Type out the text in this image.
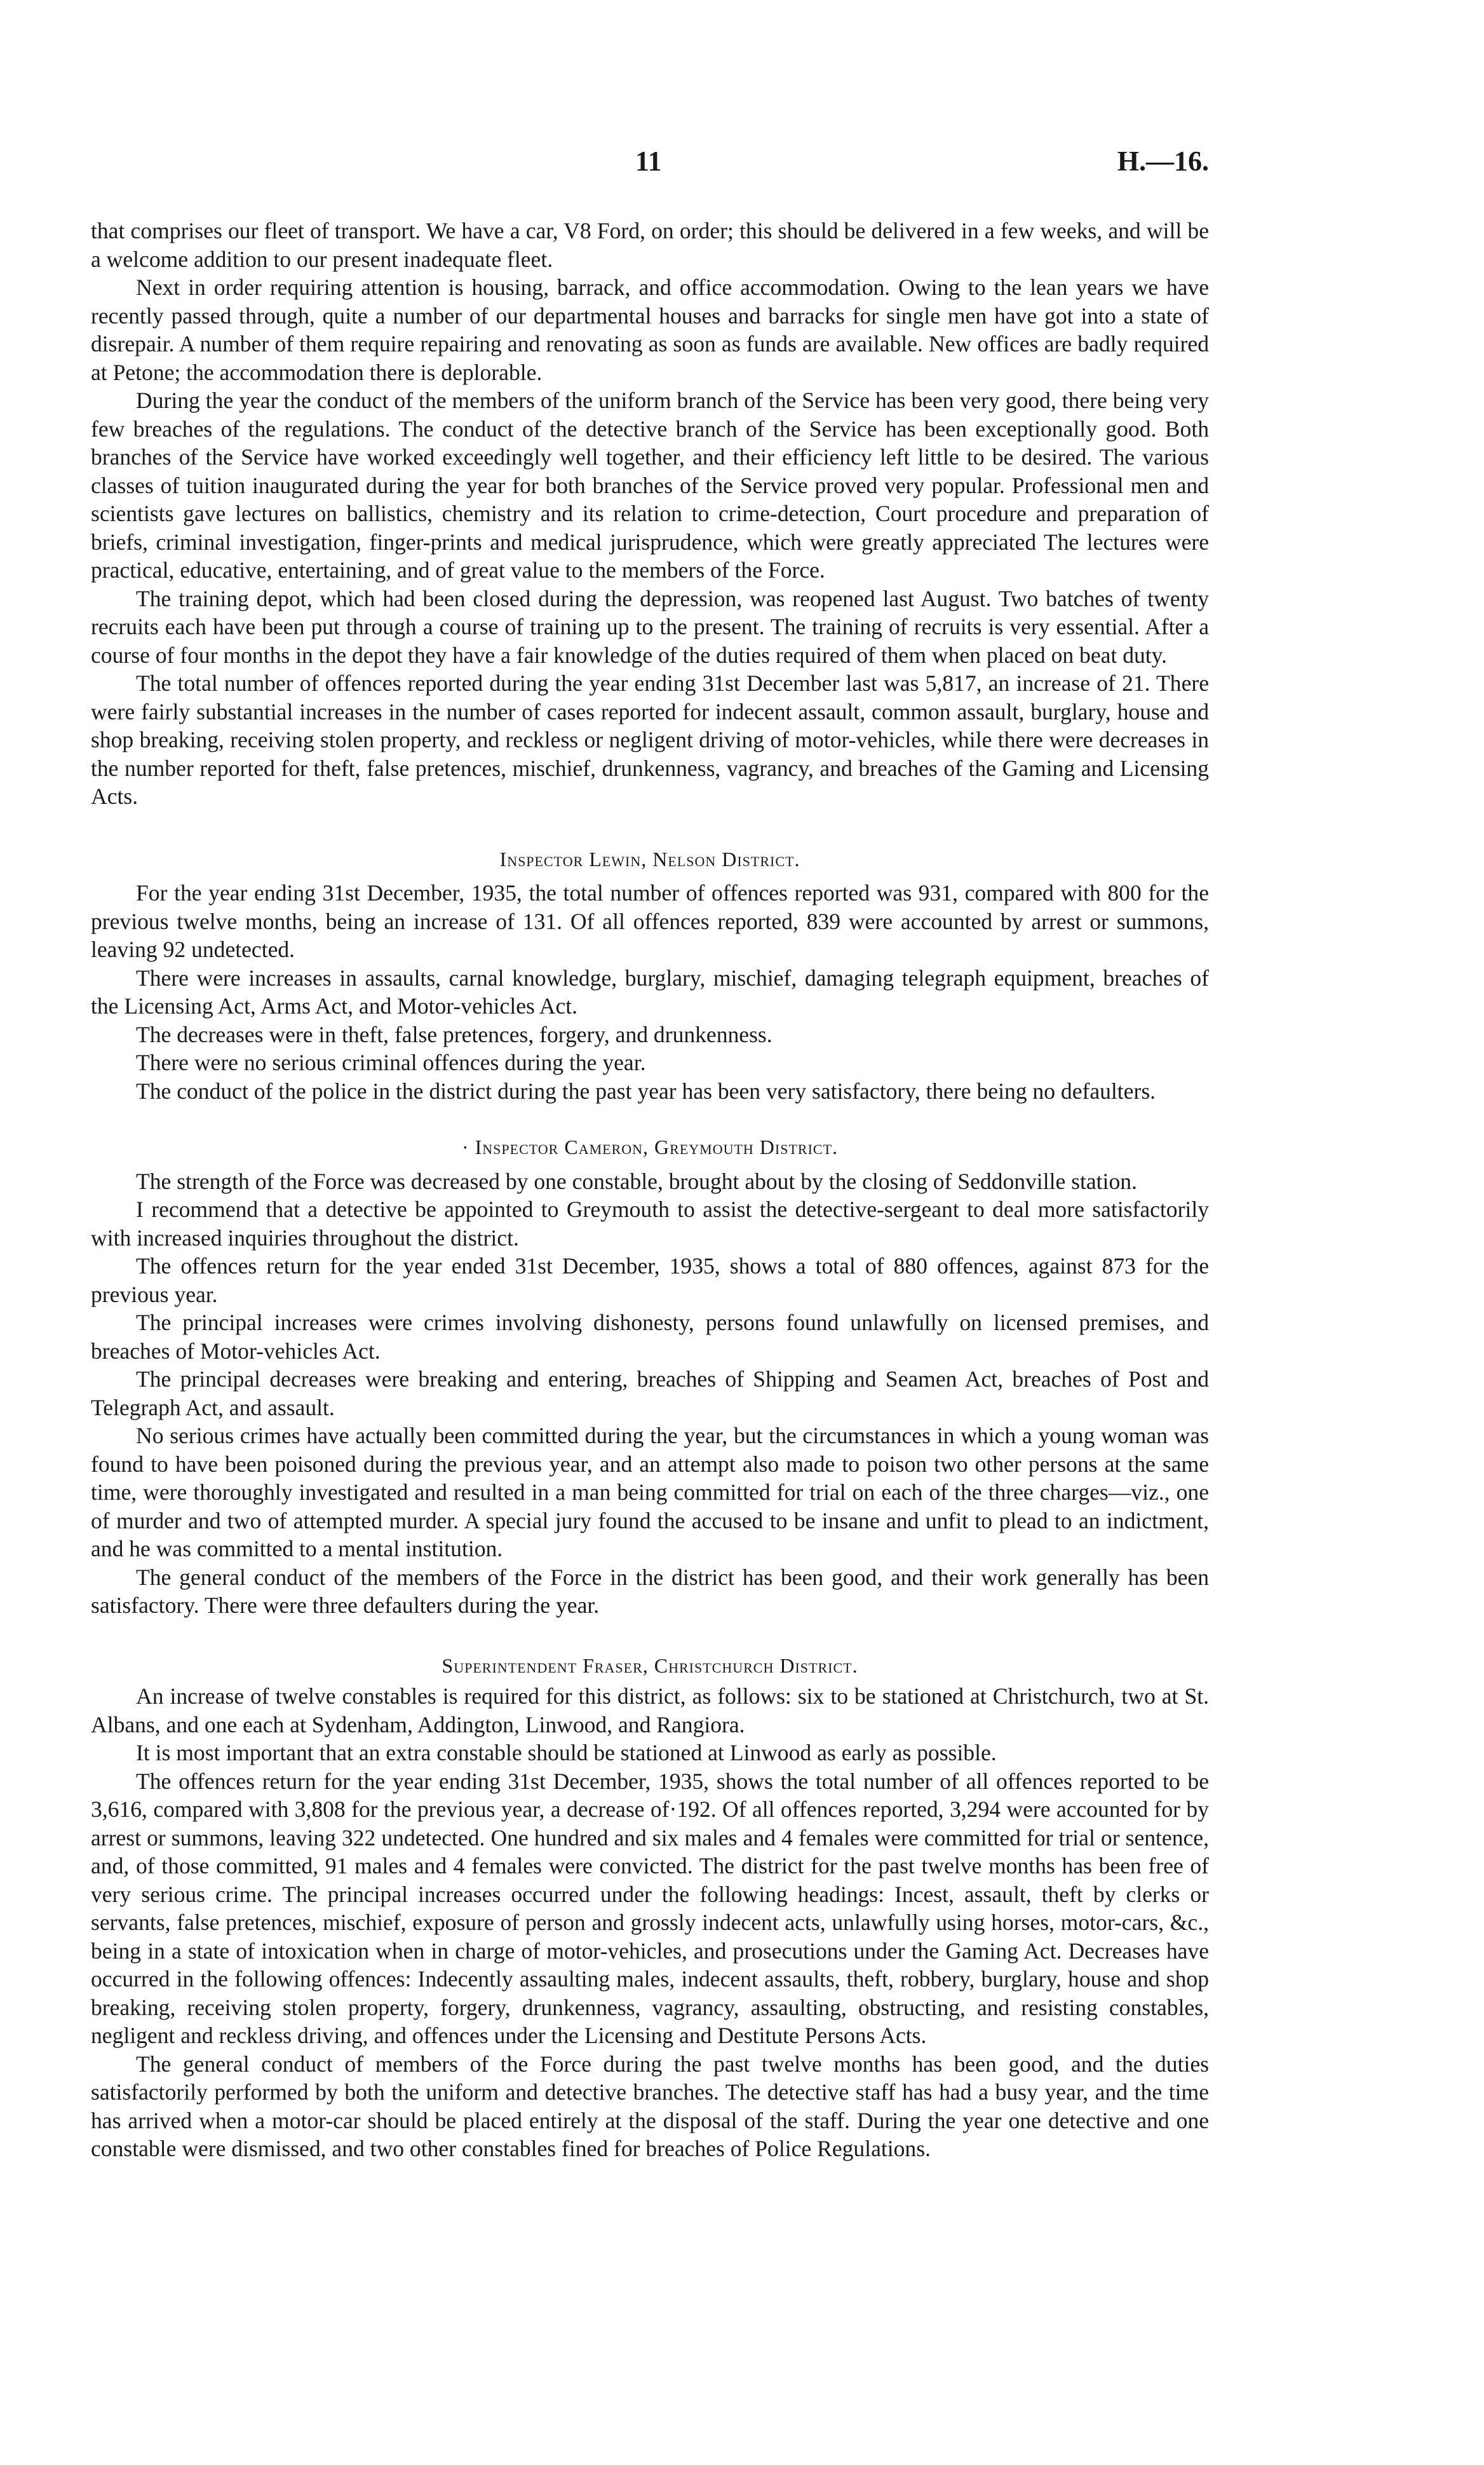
11	H.—16.

that comprises our fleet of transport. We have a car, V8 Ford, on order; this should be delivered in a few weeks, and will be a welcome addition to our present inadequate fleet.

Next in order requiring attention is housing, barrack, and office accommodation. Owing to the lean years we have recently passed through, quite a number of our departmental houses and barracks for single men have got into a state of disrepair. A number of them require repairing and renovating as soon as funds are available. New offices are badly required at Petone; the accommodation there is deplorable.

During the year the conduct of the members of the uniform branch of the Service has been very good, there being very few breaches of the regulations. The conduct of the detective branch of the Service has been exceptionally good. Both branches of the Service have worked exceedingly well together, and their efficiency left little to be desired. The various classes of tuition inaugurated during the year for both branches of the Service proved very popular. Professional men and scientists gave lectures on ballistics, chemistry and its relation to crime-detection, Court procedure and preparation of briefs, criminal investigation, finger-prints and medical jurisprudence, which were greatly appreciated The lectures were practical, educative, entertaining, and of great value to the members of the Force.

The training depot, which had been closed during the depression, was reopened last August. Two batches of twenty recruits each have been put through a course of training up to the present. The training of recruits is very essential. After a course of four months in the depot they have a fair knowledge of the duties required of them when placed on beat duty.

The total number of offences reported during the year ending 31st December last was 5,817, an increase of 21. There were fairly substantial increases in the number of cases reported for indecent assault, common assault, burglary, house and shop breaking, receiving stolen property, and reckless or negligent driving of motor-vehicles, while there were decreases in the number reported for theft, false pretences, mischief, drunkenness, vagrancy, and breaches of the Gaming and Licensing Acts.

Inspector Lewin, Nelson District.

For the year ending 31st December, 1935, the total number of offences reported was 931, compared with 800 for the previous twelve months, being an increase of 131. Of all offences reported, 839 were accounted by arrest or summons, leaving 92 undetected.

There were increases in assaults, carnal knowledge, burglary, mischief, damaging telegraph equipment, breaches of the Licensing Act, Arms Act, and Motor-vehicles Act.

The decreases were in theft, false pretences, forgery, and drunkenness.

There were no serious criminal offences during the year.

The conduct of the police in the district during the past year has been very satisfactory, there being no defaulters.

· Inspector Cameron, Greymouth District.

The strength of the Force was decreased by one constable, brought about by the closing of Seddonville station.

I recommend that a detective be appointed to Greymouth to assist the detective-sergeant to deal more satisfactorily with increased inquiries throughout the district.

The offences return for the year ended 31st December, 1935, shows a total of 880 offences, against 873 for the previous year.

The principal increases were crimes involving dishonesty, persons found unlawfully on licensed premises, and breaches of Motor-vehicles Act.

The principal decreases were breaking and entering, breaches of Shipping and Seamen Act, breaches of Post and Telegraph Act, and assault.

No serious crimes have actually been committed during the year, but the circumstances in which a young woman was found to have been poisoned during the previous year, and an attempt also made to poison two other persons at the same time, were thoroughly investigated and resulted in a man being committed for trial on each of the three charges—viz., one of murder and two of attempted murder. A special jury found the accused to be insane and unfit to plead to an indictment, and he was committed to a mental institution.

The general conduct of the members of the Force in the district has been good, and their work generally has been satisfactory. There were three defaulters during the year.

Superintendent Fraser, Christchurch District.

An increase of twelve constables is required for this district, as follows: six to be stationed at Christchurch, two at St. Albans, and one each at Sydenham, Addington, Linwood, and Rangiora.

It is most important that an extra constable should be stationed at Linwood as early as possible.

The offences return for the year ending 31st December, 1935, shows the total number of all offences reported to be 3,616, compared with 3,808 for the previous year, a decrease of·192. Of all offences reported, 3,294 were accounted for by arrest or summons, leaving 322 undetected. One hundred and six males and 4 females were committed for trial or sentence, and, of those committed, 91 males and 4 females were convicted. The district for the past twelve months has been free of very serious crime. The principal increases occurred under the following headings: Incest, assault, theft by clerks or servants, false pretences, mischief, exposure of person and grossly indecent acts, unlawfully using horses, motor-cars, &c., being in a state of intoxication when in charge of motor-vehicles, and prosecutions under the Gaming Act. Decreases have occurred in the following offences: Indecently assaulting males, indecent assaults, theft, robbery, burglary, house and shop breaking, receiving stolen property, forgery, drunkenness, vagrancy, assaulting, obstructing, and resisting constables, negligent and reckless driving, and offences under the Licensing and Destitute Persons Acts.

The general conduct of members of the Force during the past twelve months has been good, and the duties satisfactorily performed by both the uniform and detective branches. The detective staff has had a busy year, and the time has arrived when a motor-car should be placed entirely at the disposal of the staff. During the year one detective and one constable were dismissed, and two other constables fined for breaches of Police Regulations.
